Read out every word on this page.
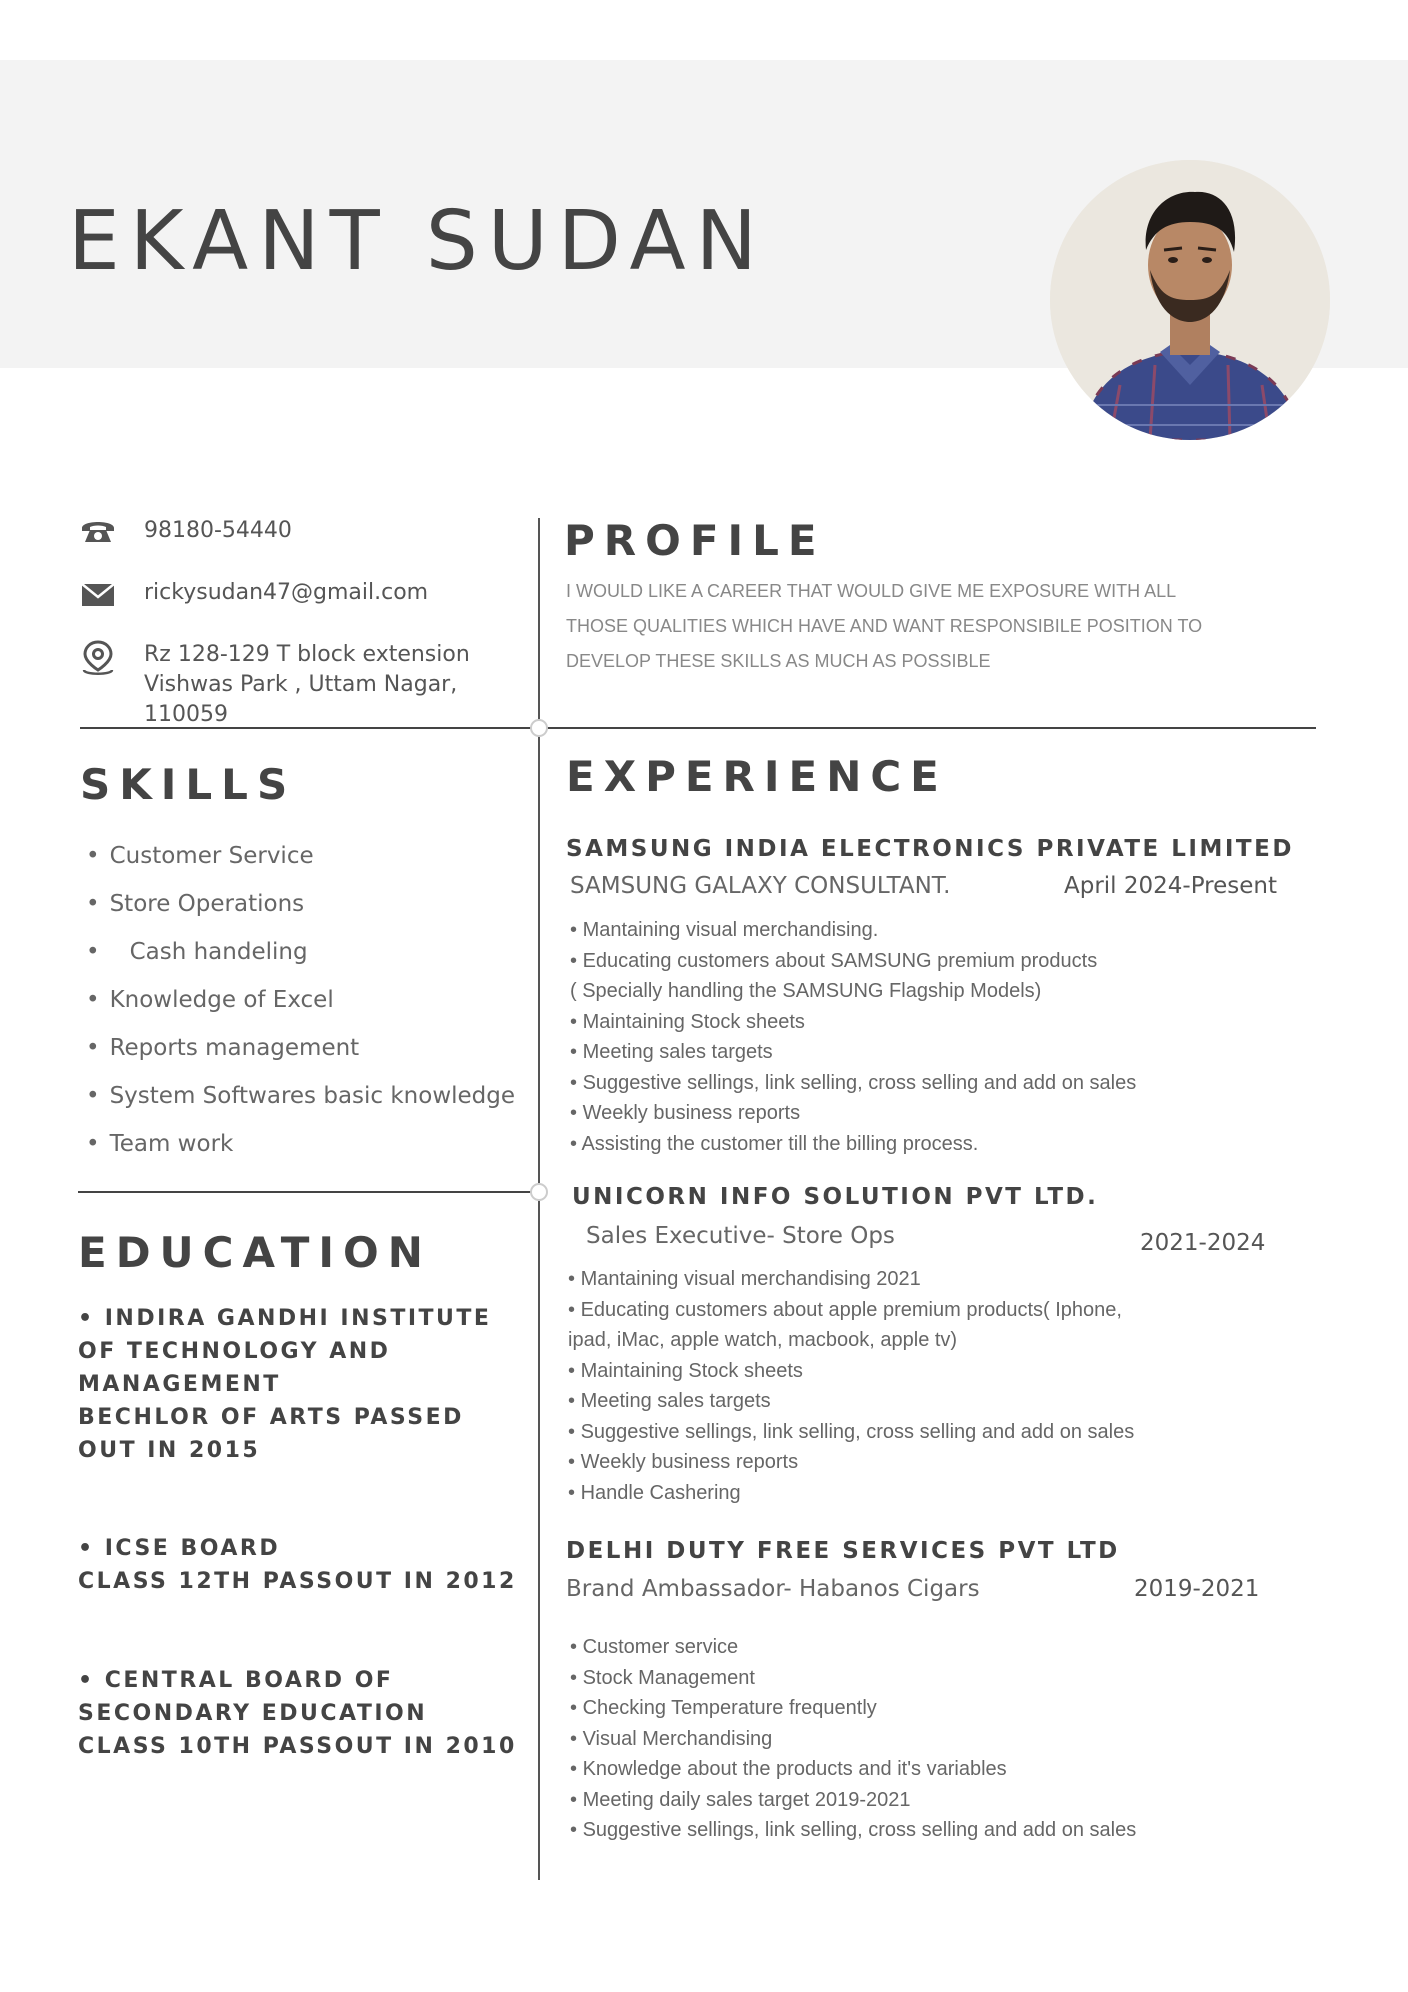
EKANT SUDAN
98180-54440
rickysudan47@gmail.com
Rz 128-129 T block extension
Vishwas Park , Uttam Nagar,
110059
PROFILE
I WOULD LIKE A CAREER THAT WOULD GIVE ME EXPOSURE WITH ALL
THOSE QUALITIES WHICH HAVE AND WANT RESPONSIBILE POSITION TO
DEVELOP THESE SKILLS AS MUCH AS POSSIBLE
SKILLS
• Customer Service
• Store Operations
• Cash handeling
• Knowledge of Excel
• Reports management
• System Softwares basic knowledge
• Team work
EDUCATION
• INDIRA GANDHI INSTITUTE
OF TECHNOLOGY AND
MANAGEMENT
BECHLOR OF ARTS PASSED
OUT IN 2015
• ICSE BOARD
CLASS 12TH PASSOUT IN 2012
• CENTRAL BOARD OF
SECONDARY EDUCATION
CLASS 10TH PASSOUT IN 2010
EXPERIENCE
SAMSUNG INDIA ELECTRONICS PRIVATE LIMITED

SAMSUNG GALAXY CONSULTANT.	April 2024-Present

• Mantaining visual merchandising.
• Educating customers about SAMSUNG premium products
( Specially handling the SAMSUNG Flagship Models)
• Maintaining Stock sheets
• Meeting sales targets
• Suggestive sellings, link selling, cross selling and add on sales
• Weekly business reports
• Assisting the customer till the billing process.
UNICORN INFO SOLUTION PVT LTD.

Sales Executive- Store Ops	2021-2024

• Mantaining visual merchandising 2021
• Educating customers about apple premium products( Iphone,
ipad, iMac, apple watch, macbook, apple tv)
• Maintaining Stock sheets
• Meeting sales targets
• Suggestive sellings, link selling, cross selling and add on sales
• Weekly business reports
• Handle Cashering
DELHI DUTY FREE SERVICES PVT LTD

Brand Ambassador- Habanos Cigars	2019-2021

• Customer service
• Stock Management
• Checking Temperature frequently
• Visual Merchandising
• Knowledge about the products and it's variables
• Meeting daily sales target 2019-2021
• Suggestive sellings, link selling, cross selling and add on sales
